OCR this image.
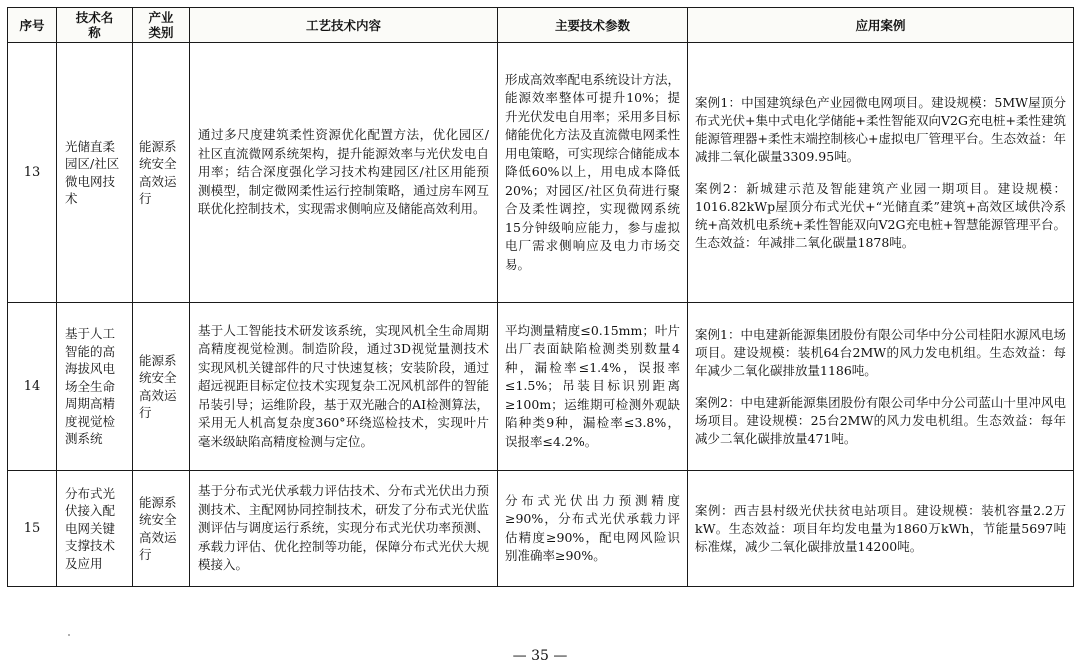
序号	技术名称	产业类别	工艺技术内容	主要技术参数	应用案例
13	光储直柔园区/社区微电网技术	能源系统安全高效运行	通过多尺度建筑柔性资源优化配置方法，优化园区/社区直流微网系统架构，提升能源效率与光伏发电自用率；结合深度强化学习技术构建园区/社区用能预测模型，制定微网柔性运行控制策略，通过房车网互联优化控制技术，实现需求侧响应及储能高效利用。	形成高效率配电系统设计方法，能源效率整体可提升10%；提升光伏发电自用率；采用多目标储能优化方法及直流微电网柔性用电策略，可实现综合储能成本降低60%以上，用电成本降低20%；对园区/社区负荷进行聚合及柔性调控，实现微网系统15分钟级响应能力，参与虚拟电厂需求侧响应及电力市场交易。	案例1：中国建筑绿色产业园微电网项目。建设规模：5MW屋顶分布式光伏+集中式电化学储能+柔性智能双向V2G充电桩+柔性建筑能源管理器+柔性末端控制核心+虚拟电厂管理平台。生态效益：年减排二氧化碳量3309.95吨。
案例2：新城建示范及智能建筑产业园一期项目。建设规模：1016.82kWp屋顶分布式光伏+“光储直柔”建筑+高效区域供冷系统+高效机电系统+柔性智能双向V2G充电桩+智慧能源管理平台。生态效益：年减排二氧化碳量1878吨。

14	基于人工智能的高海拔风电场全生命周期高精度视觉检测系统	能源系统安全高效运行	基于人工智能技术研发该系统，实现风机全生命周期高精度视觉检测。制造阶段，通过3D视觉量测技术实现风机关键部件的尺寸快速复核；安装阶段，通过超远视距目标定位技术实现复杂工况风机部件的智能吊装引导；运维阶段，基于双光融合的AI检测算法，采用无人机高复杂度360°环绕巡检技术，实现叶片毫米级缺陷高精度检测与定位。	平均测量精度≤0.15mm；叶片出厂表面缺陷检测类别数量4种，漏检率≤1.4%，误报率≤1.5%；吊装目标识别距离≥100m；运维期可检测外观缺陷种类9种，漏检率≤3.8%，误报率≤4.2%。	案例1：中电建新能源集团股份有限公司华中分公司桂阳水源风电场项目。建设规模：装机64台2MW的风力发电机组。生态效益：每年减少二氧化碳排放量1186吨。
案例2：中电建新能源集团股份有限公司华中分公司蓝山十里冲风电场项目。建设规模：25台2MW的风力发电机组。生态效益：每年减少二氧化碳排放量471吨。

15	分布式光伏接入配电网关键支撑技术及应用	能源系统安全高效运行	基于分布式光伏承载力评估技术、分布式光伏出力预测技术、主配网协同控制技术，研发了分布式光伏监测评估与调度运行系统，实现分布式光伏功率预测、承载力评估、优化控制等功能，保障分布式光伏大规模接入。	分布式光伏出力预测精度≥90%，分布式光伏承载力评估精度≥90%，配电网风险识别准确率≥90%。	案例：西吉县村级光伏扶贫电站项目。建设规模：装机容量2.2万kW。生态效益：项目年均发电量为1860万kWh，节能量5697吨标准煤，减少二氧化碳排放量14200吨。
— 35 —
